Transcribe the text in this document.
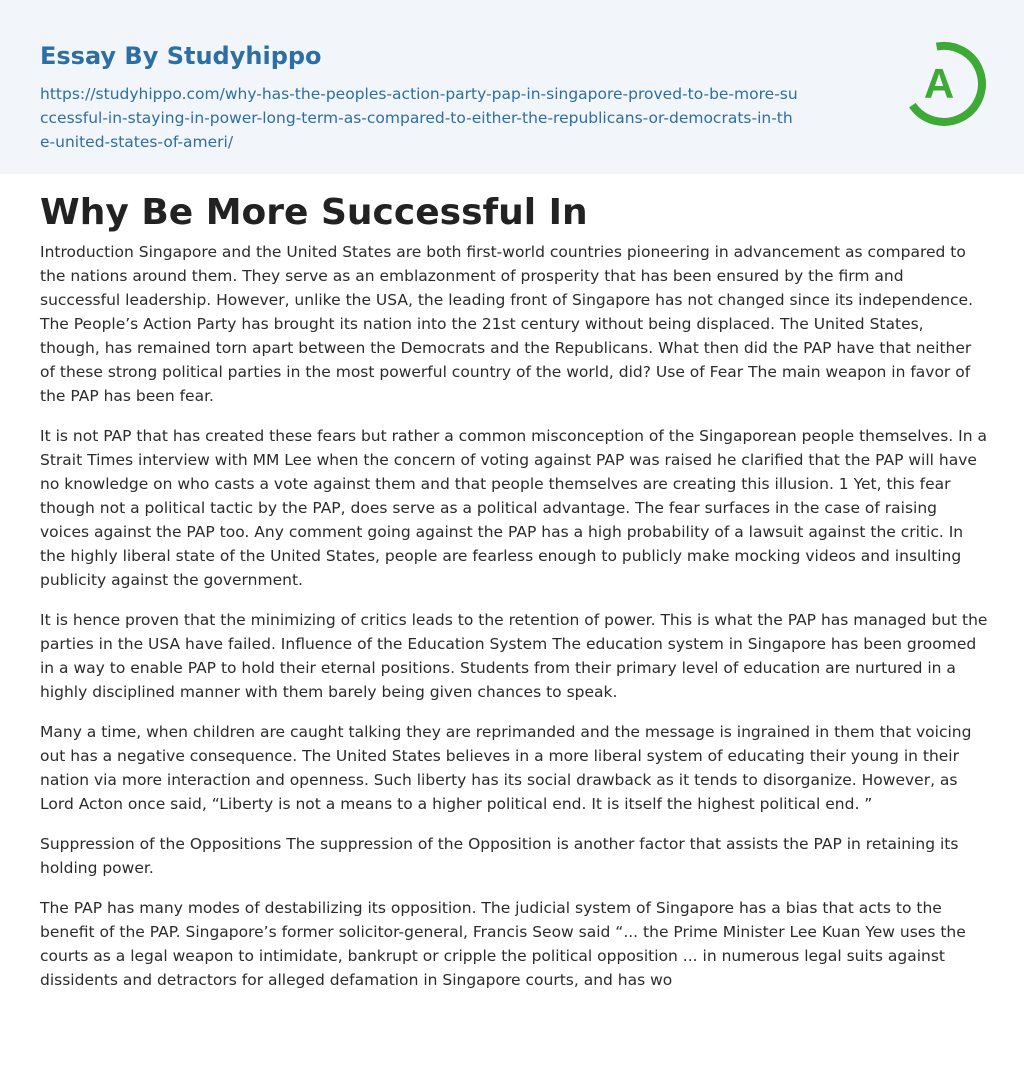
Essay By Studyhippo
https://studyhippo.com/why-has-the-peoples-action-party-pap-in-singapore-proved-to-be-more-successful-in-staying-in-power-long-term-as-compared-to-either-the-republicans-or-democrats-in-the-united-states-of-ameri/
A
Why Be More Successful In

Introduction Singapore and the United States are both first-world countries pioneering in advancement as compared to the nations around them. They serve as an emblazonment of prosperity that has been ensured by the firm and successful leadership. However, unlike the USA, the leading front of Singapore has not changed since its independence. The People’s Action Party has brought its nation into the 21st century without being displaced. The United States, though, has remained torn apart between the Democrats and the Republicans. What then did the PAP have that neither of these strong political parties in the most powerful country of the world, did? Use of Fear The main weapon in favor of the PAP has been fear.

It is not PAP that has created these fears but rather a common misconception of the Singaporean people themselves. In a Strait Times interview with MM Lee when the concern of voting against PAP was raised he clarified that the PAP will have no knowledge on who casts a vote against them and that people themselves are creating this illusion. 1 Yet, this fear though not a political tactic by the PAP, does serve as a political advantage. The fear surfaces in the case of raising voices against the PAP too. Any comment going against the PAP has a high probability of a lawsuit against the critic. In the highly liberal state of the United States, people are fearless enough to publicly make mocking videos and insulting publicity against the government.

It is hence proven that the minimizing of critics leads to the retention of power. This is what the PAP has managed but the parties in the USA have failed. Influence of the Education System The education system in Singapore has been groomed in a way to enable PAP to hold their eternal positions. Students from their primary level of education are nurtured in a highly disciplined manner with them barely being given chances to speak.

Many a time, when children are caught talking they are reprimanded and the message is ingrained in them that voicing out has a negative consequence. The United States believes in a more liberal system of educating their young in their nation via more interaction and openness. Such liberty has its social drawback as it tends to disorganize. However, as Lord Acton once said, “Liberty is not a means to a higher political end. It is itself the highest political end. ”

Suppression of the Oppositions The suppression of the Opposition is another factor that assists the PAP in retaining its holding power.

The PAP has many modes of destabilizing its opposition. The judicial system of Singapore has a bias that acts to the benefit of the PAP. Singapore’s former solicitor-general, Francis Seow said “... the Prime Minister Lee Kuan Yew uses the courts as a legal weapon to intimidate, bankrupt or cripple the political opposition ... in numerous legal suits against dissidents and detractors for alleged defamation in Singapore courts, and has wo
